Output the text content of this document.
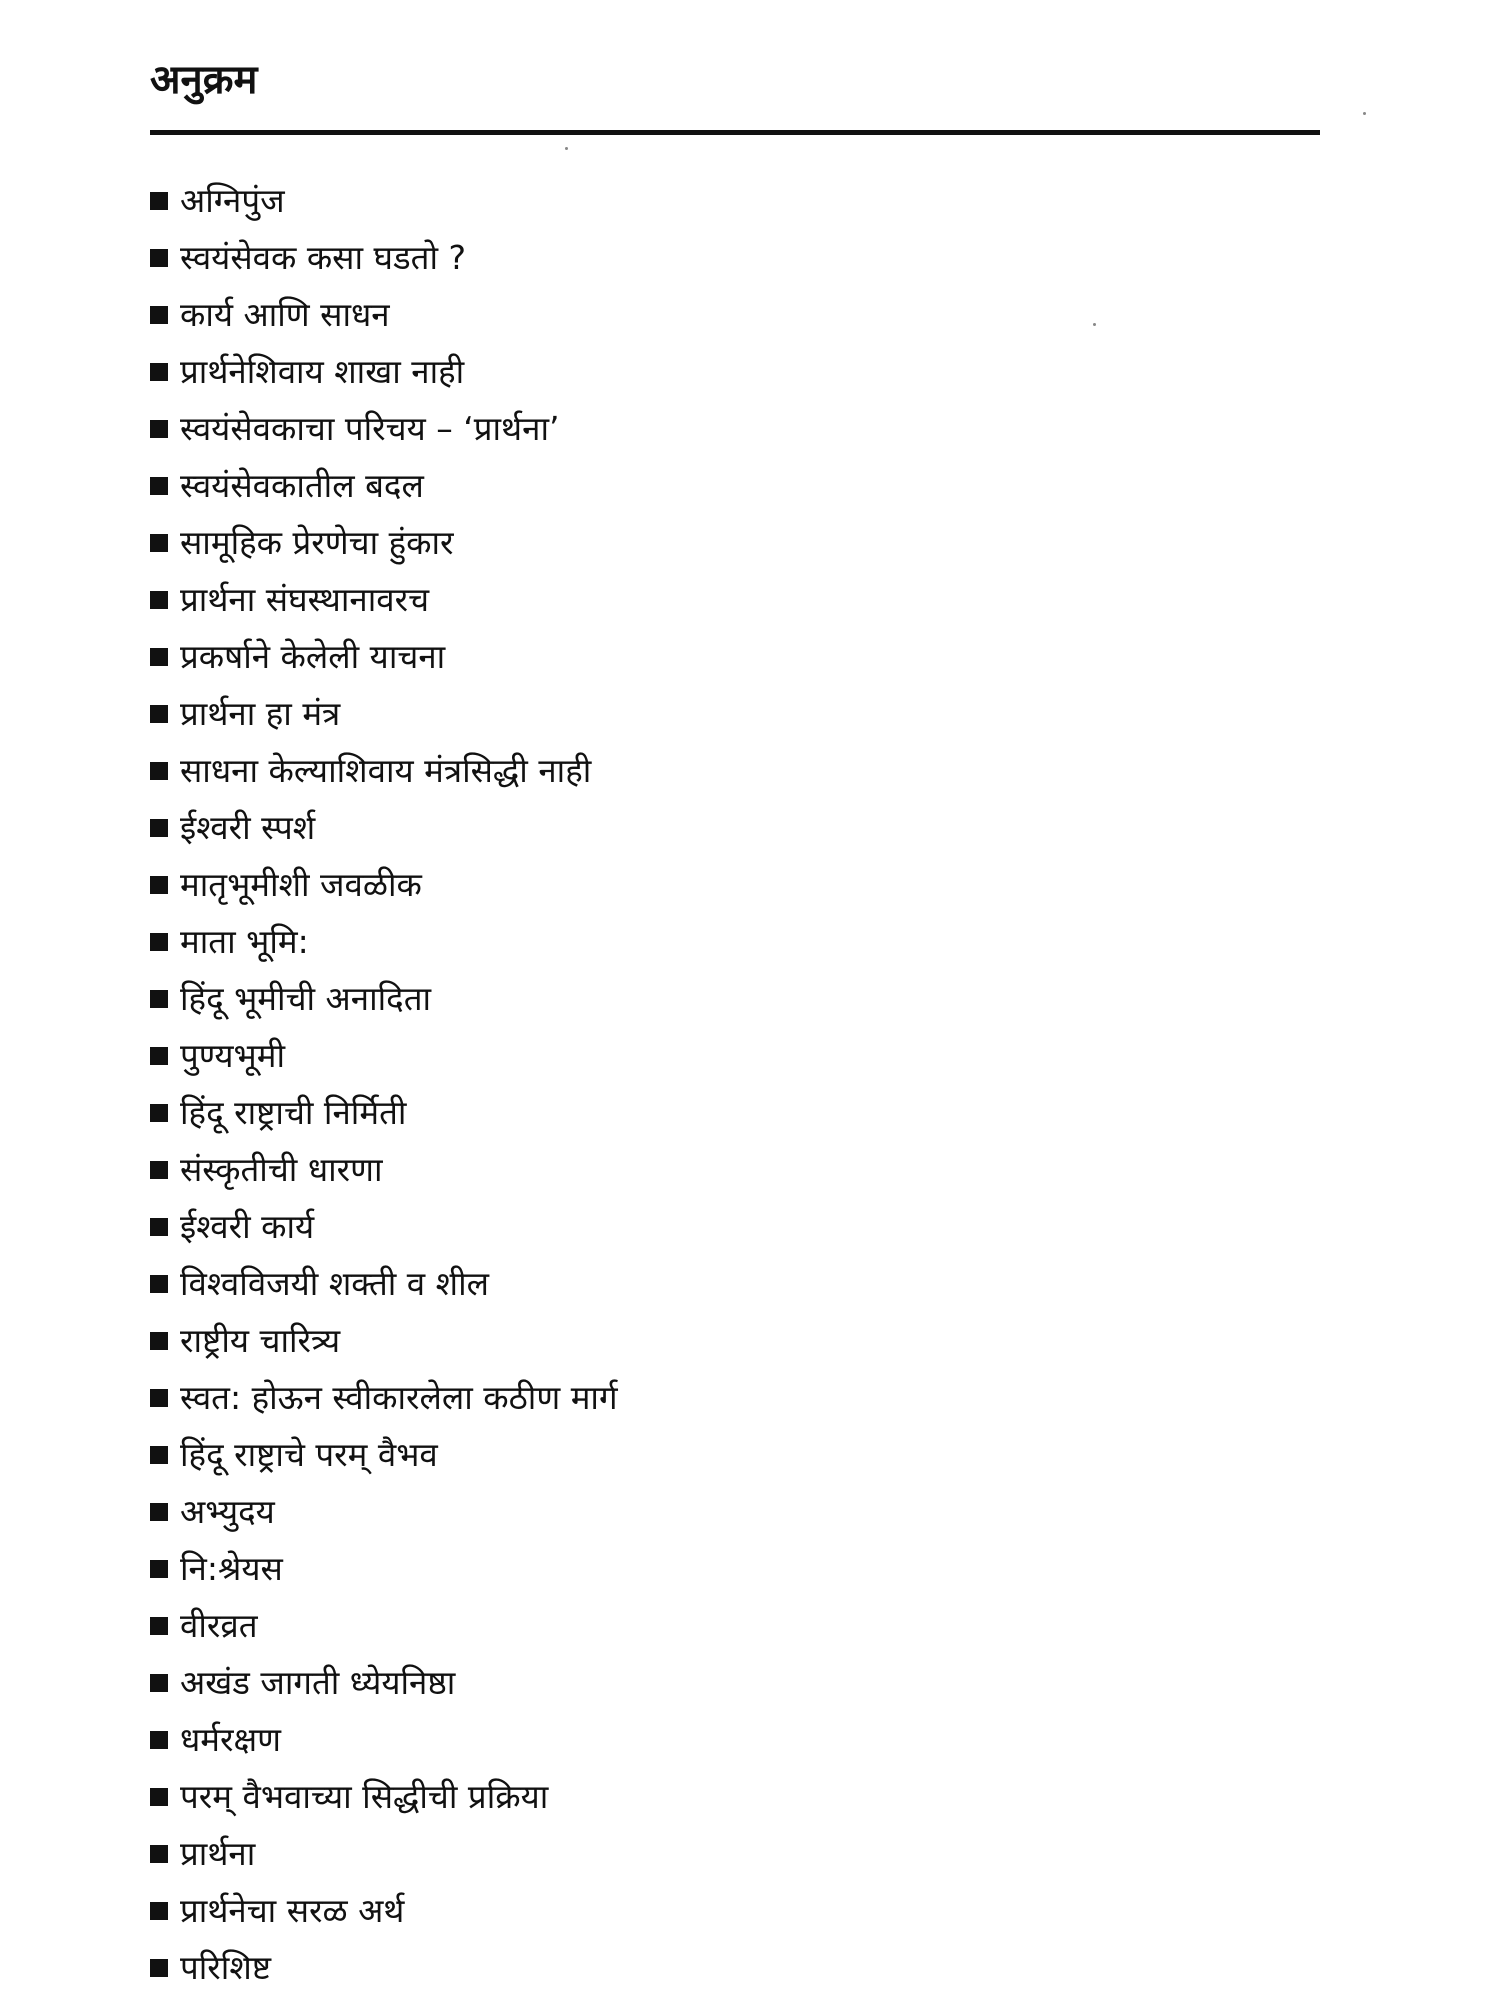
अनुक्रम
अग्निपुंज
स्वयंसेवक कसा घडतो ?
कार्य आणि साधन
प्रार्थनेशिवाय शाखा नाही
स्वयंसेवकाचा परिचय – ‘प्रार्थना’
स्वयंसेवकातील बदल
सामूहिक प्रेरणेचा हुंकार
प्रार्थना संघस्थानावरच
प्रकर्षाने केलेली याचना
प्रार्थना हा मंत्र
साधना केल्याशिवाय मंत्रसिद्धी नाही
ईश्वरी स्पर्श
मातृभूमीशी जवळीक
माता भूमि:
हिंदू भूमीची अनादिता
पुण्यभूमी
हिंदू राष्ट्राची निर्मिती
संस्कृतीची धारणा
ईश्वरी कार्य
विश्वविजयी शक्ती व शील
राष्ट्रीय चारित्र्य
स्वत: होऊन स्वीकारलेला कठीण मार्ग
हिंदू राष्ट्राचे परम् वैभव
अभ्युदय
नि:श्रेयस
वीरव्रत
अखंड जागती ध्येयनिष्ठा
धर्मरक्षण
परम् वैभवाच्या सिद्धीची प्रक्रिया
प्रार्थना
प्रार्थनेचा सरळ अर्थ
परिशिष्ट
